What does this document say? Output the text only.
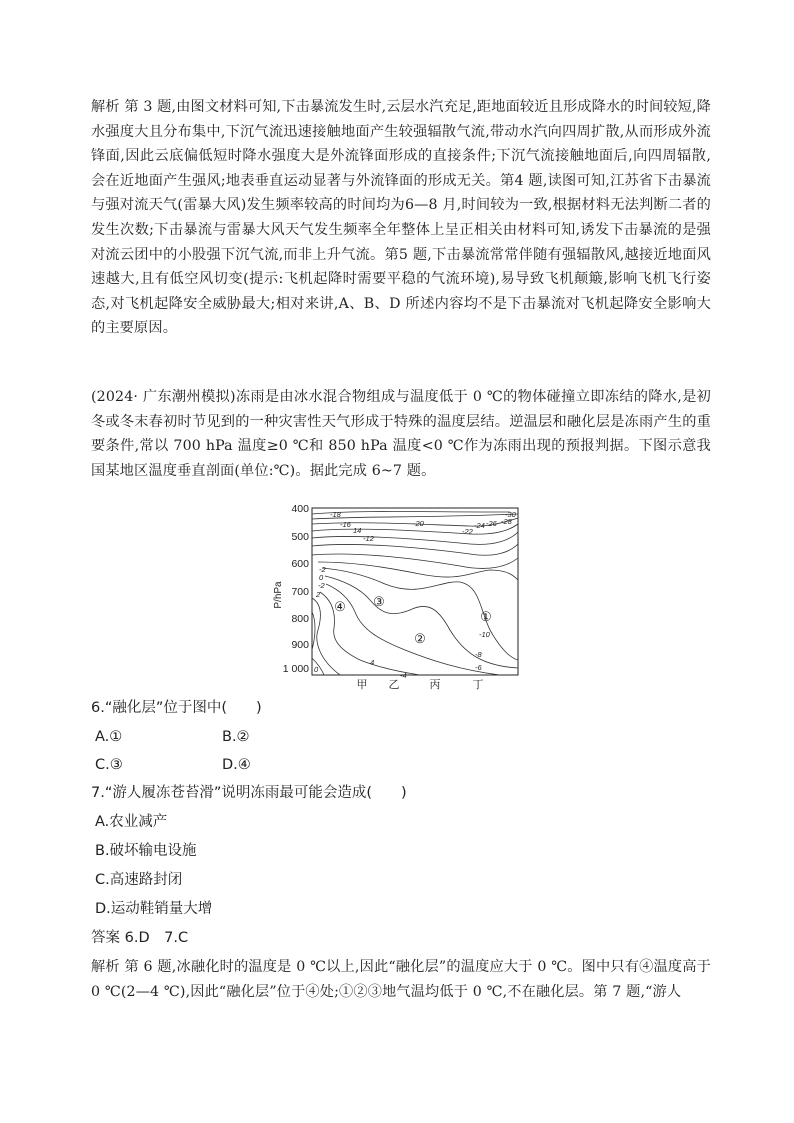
解析 第 3 题,由图文材料可知,下击暴流发生时,云层水汽充足,距地面较近且形成降水的时间较短,降水强度大且分布集中,下沉气流迅速接触地面产生较强辐散气流,带动水汽向四周扩散,从而形成外流锋面,因此云底偏低短时降水强度大是外流锋面形成的直接条件;下沉气流接触地面后,向四周辐散,会在近地面产生强风;地表垂直运动显著与外流锋面的形成无关。第4 题,读图可知,江苏省下击暴流与强对流天气(雷暴大风)发生频率较高的时间均为6—8 月,时间较为一致,根据材料无法判断二者的发生次数;下击暴流与雷暴大风天气发生频率全年整体上呈正相关由材料可知,诱发下击暴流的是强对流云团中的小股强下沉气流,而非上升气流。第5 题,下击暴流常常伴随有强辐散风,越接近地面风速越大,且有低空风切变(提示:飞机起降时需要平稳的气流环境),易导致飞机颠簸,影响飞机飞行姿态,对飞机起降安全威胁最大;相对来讲,A、B、D 所述内容均不是下击暴流对飞机起降安全影响大的主要原因。
(2024· 广东潮州模拟)冻雨是由冰水混合物组成与温度低于 0 ℃的物体碰撞立即冻结的降水,是初冬或冬末春初时节见到的一种灾害性天气形成于特殊的温度层结。逆温层和融化层是冻雨产生的重要条件,常以 700 hPa 温度≥0 ℃和 850 hPa 温度<0 ℃作为冻雨出现的预报判据。下图示意我国某地区温度垂直剖面(单位:℃)。据此完成 6~7 题。
P/hPa
400
500
600
700
800
900
1 000
甲 乙	丙	丁
-18
-16
14
-12
-20
-22
-24 -26 -28
-30
-2
0
-2
2
4
-10
-8
-6
-4
0
①
②
③
④
6.“融化层”位于图中(　　)
A.①	B.②
C.③	D.④
7.“游人履冻苍苔滑”说明冻雨最可能会造成(　　)
A.农业减产
B.破坏输电设施
C.高速路封闭
D.运动鞋销量大增
答案 6.D　7.C
解析 第 6 题,冰融化时的温度是 0 ℃以上,因此“融化层”的温度应大于 0 ℃。图中只有④温度高于 0 ℃(2—4 ℃),因此“融化层”位于④处;①②③地气温均低于 0 ℃,不在融化层。第 7 题,“游人
